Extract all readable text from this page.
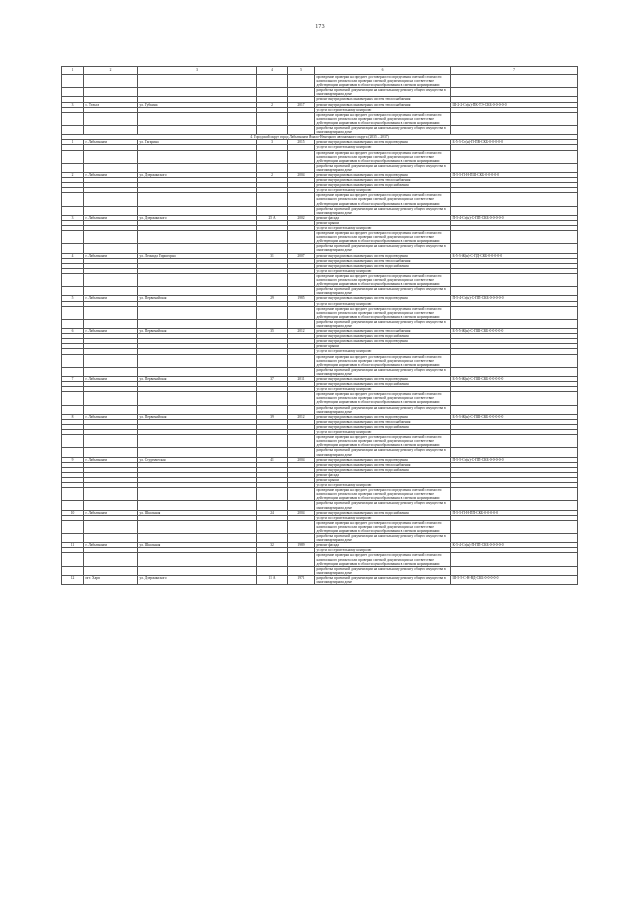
173
1	2	3	4	5	6	7
					проведение проверки на предмет достоверности определения сметной стоимости капитального ремонта или проверки сметной документации на соответствие действующим нормативам в области ценообразования в сметном нормировании	
					разработка проектной документации на капитальному ремонту общего имущества в многоквартирном доме	
					ремонт внутридомовых инженерных систем теплоснабжения	
3	с. Тельга	ул. Губкина	2	2017	ремонт внутридомовых инженерных систем теплоснабжения	Ш-2-2-Ст(н)-ПК-ТЭ-СКБ-0-0-0-0-0
					услуги по строительному контролю	
					проведение проверки на предмет достоверности определения сметной стоимости капитального ремонта или проверки сметной документации на соответствие действующим нормативам в области ценообразования в сметном нормировании	
					разработка проектной документации на капитальному ремонту общего имущества в многоквартирном доме	
4. Городской округ город Лабытнанги Ямало-Ненецкого автономного округа (2035 – 2037)						
1	г. Лабытнанги	ул. Гагарина	3	2015	ремонт внутридомовых инженерных систем водоотведения	Б-5-3-Ст(н)-П-ПВ-СКБ-0-0-0-0-0
					услуги по строительному контролю	
					проведение проверки на предмет достоверности определения сметной стоимости капитального ремонта или проверки сметной документации на соответствие действующим нормативам в области ценообразования в сметном нормировании	
					разработка проектной документации на капитальному ремонту общего имущества в многоквартирном доме	
2	г. Лабытнанги	ул. Дзержинского	2	2004	ремонт внутридомовых инженерных систем водоотведения	П-5-5-П-Н-ПШ-СКБ-0-0-0-0-0
					ремонт внутридомовых инженерных систем теплоснабжения	
					ремонт внутридомовых инженерных систем водоснабжения	
					услуги по строительному контролю	
					проведение проверки на предмет достоверности определения сметной стоимости капитального ремонта или проверки сметной документации на соответствие действующим нормативам в области ценообразования в сметном нормировании	
					разработка проектной документации на капитальному ремонту общего имущества в многоквартирном доме	
3	г. Лабытнанги	ул. Дзержинского	25 А	2002	ремонт фасада	П-5-4-Ст(н)-С-ПП-СКБ-0-0-0-0-0
					ремонт крыши	
					услуги по строительному контролю	
					проведение проверки на предмет достоверности определения сметной стоимости капитального ремонта или проверки сметной документации на соответствие действующим нормативам в области ценообразования в сметном нормировании	
					разработка проектной документации на капитальному ремонту общего имущества в многоквартирном доме	
4	г. Лабытнанги	ул. Леонида Гиршгорна	31	2007	ремонт внутридомовых инженерных систем водоотведения	Б-5-3-Ж(н)-С-ПД-СКБ-0-0-0-0-0
					ремонт внутридомовых инженерных систем теплоснабжения	
					ремонт внутридомовых инженерных систем водоснабжения	
					услуги по строительному контролю	
					проведение проверки на предмет достоверности определения сметной стоимости капитального ремонта или проверки сметной документации на соответствие действующим нормативам в области ценообразования в сметном нормировании	
					разработка проектной документации на капитальному ремонту общего имущества в многоквартирном доме	
5	г. Лабытнанги	ул. Первомайская	29	1985	ремонт внутридомовых инженерных систем водоотведения	П-5-4-Ст(н)-С-ПП-СКБ-0-0-0-0-0
					услуги по строительному контролю	
					проведение проверки на предмет достоверности определения сметной стоимости капитального ремонта или проверки сметной документации на соответствие действующим нормативам в области ценообразования в сметном нормировании	
					разработка проектной документации на капитальному ремонту общего имущества в многоквартирном доме	
6	г. Лабытнанги	ул. Первомайская	35	2012	ремонт внутридомовых инженерных систем теплоснабжения	Б-5-5-Ж(н)-С-ПШ-СКБ-0-0-0-0-0
					ремонт внутридомовых инженерных систем водоснабжения	
					ремонт внутридомовых инженерных систем водоотведения	
					ремонт крыши	
					услуги по строительному контролю	
					проведение проверки на предмет достоверности определения сметной стоимости капитального ремонта или проверки сметной документации на соответствие действующим нормативам в области ценообразования в сметном нормировании	
					разработка проектной документации на капитальному ремонту общего имущества в многоквартирном доме	
7	г. Лабытнанги	ул. Первомайская	37	2011	ремонт внутридомовых инженерных систем водоотведения	Б-5-5-Ж(н)-С-ПШ-СКБ-0-0-0-0-0
					ремонт внутридомовых инженерных систем водоснабжения	
					услуги по строительному контролю	
					проведение проверки на предмет достоверности определения сметной стоимости капитального ремонта или проверки сметной документации на соответствие действующим нормативам в области ценообразования в сметном нормировании	
					разработка проектной документации на капитальному ремонту общего имущества в многоквартирном доме	
8	г. Лабытнанги	ул. Первомайская	39	2012	ремонт внутридомовых инженерных систем водоотведения	Б-5-3-Ж(н)-С-ПШ-СКБ-0-0-0-0-0
					ремонт внутридомовых инженерных систем теплоснабжения	
					ремонт внутридомовых инженерных систем водоснабжения	
					услуги по строительному контролю	
					проведение проверки на предмет достоверности определения сметной стоимости капитального ремонта или проверки сметной документации на соответствие действующим нормативам в области ценообразования в сметном нормировании	
					разработка проектной документации на капитальному ремонту общего имущества в многоквартирном доме	
9	г. Лабытнанги	ул. Студенческая	41	2004	ремонт внутридомовых инженерных систем водоотведения	П-5-5-Ст(н)-С-ПП-СКБ-0-0-0-0-0
					ремонт внутридомовых инженерных систем теплоснабжения	
					ремонт внутридомовых инженерных систем водоснабжения	
					ремонт фасада	
					ремонт крыши	
					услуги по строительному контролю	
					проведение проверки на предмет достоверности определения сметной стоимости капитального ремонта или проверки сметной документации на соответствие действующим нормативам в области ценообразования в сметном нормировании	
					разработка проектной документации на капитальному ремонту общего имущества в многоквартирном доме	
10	г. Лабытнанги	ул. Школьная	24	2004	ремонт внутридомовых инженерных систем водоснабжения	П-5-5-П-Н-ПП-СКБ-0-0-0-0-0
					услуги по строительному контролю	
					проведение проверки на предмет достоверности определения сметной стоимости капитального ремонта или проверки сметной документации на соответствие действующим нормативам в области ценообразования в сметном нормировании	
					разработка проектной документации на капитальному ремонту общего имущества в многоквартирном доме	
11	г. Лабытнанги	ул. Школьная	32	1989	ремонт фасада	К-5-4-Ст(н)-П-ПП-СКБ-0-0-0-0-0
					услуги по строительному контролю	
					проведение проверки на предмет достоверности определения сметной стоимости капитального ремонта или проверки сметной документации на соответствие действующим нормативам в области ценообразования в сметном нормировании	
					разработка проектной документации на капитальному ремонту общего имущества в многоквартирном доме	
12	пгт. Харп	ул. Дзержинского	11 А	1971	разработка проектной документации на капитальному ремонту общего имущества в многоквартирном доме	Ш-5-5-С-Н-ВД-СКБ-0-0-0-0-0
